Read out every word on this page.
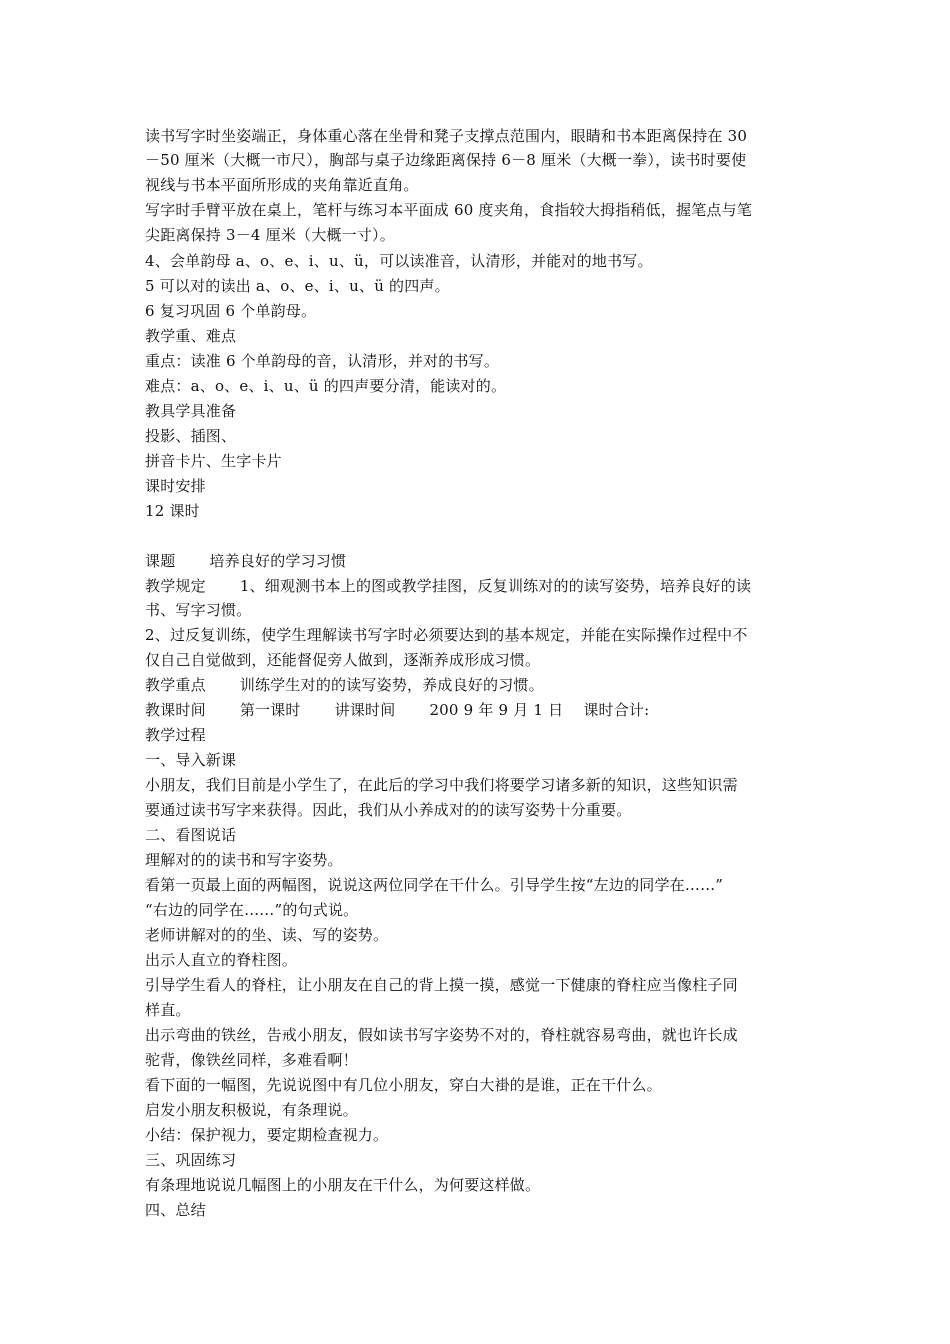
读书写字时坐姿端正，身体重心落在坐骨和凳子支撑点范围内，眼睛和书本距离保持在 30
－50 厘米（大概一市尺），胸部与桌子边缘距离保持 6－8 厘米（大概一拳），读书时要使
视线与书本平面所形成的夹角靠近直角。
写字时手臂平放在桌上，笔杆与练习本平面成 60 度夹角，食指较大拇指稍低，握笔点与笔
尖距离保持 3－4 厘米（大概一寸）。
4、会单韵母 a、o、e、i、u、ü，可以读准音，认清形，并能对的地书写。
5 可以对的读出 a、o、e、i、u、ü 的四声。
6 复习巩固 6 个单韵母。
教学重、难点
重点：读准 6 个单韵母的音，认清形，并对的书写。
难点：a、o、e、i、u、ü 的四声要分清，能读对的。
教具学具准备
投影、插图、
拼音卡片、生字卡片
课时安排
12 课时
课题 培养良好的学习习惯
教学规定 1、细观测书本上的图或教学挂图，反复训练对的的读写姿势，培养良好的读
书、写字习惯。
2、过反复训练，使学生理解读书写字时必须要达到的基本规定，并能在实际操作过程中不
仅自己自觉做到，还能督促旁人做到，逐渐养成形成习惯。
教学重点 训练学生对的的读写姿势，养成良好的习惯。
教课时间 第一课时 讲课时间 200 9 年 9 月 1 日 课时合计:
教学过程
一、导入新课
小朋友，我们目前是小学生了，在此后的学习中我们将要学习诸多新的知识，这些知识需
要通过读书写字来获得。因此，我们从小养成对的的读写姿势十分重要。
二、看图说话
理解对的的读书和写字姿势。
看第一页最上面的两幅图，说说这两位同学在干什么。引导学生按“左边的同学在……”
“右边的同学在……”的句式说。
老师讲解对的的坐、读、写的姿势。
出示人直立的脊柱图。
引导学生看人的脊柱，让小朋友在自己的背上摸一摸，感觉一下健康的脊柱应当像柱子同
样直。
出示弯曲的铁丝，告戒小朋友，假如读书写字姿势不对的，脊柱就容易弯曲，就也许长成
驼背，像铁丝同样，多难看啊！
看下面的一幅图，先说说图中有几位小朋友，穿白大褂的是谁，正在干什么。
启发小朋友积极说，有条理说。
小结：保护视力，要定期检查视力。
三、巩固练习
有条理地说说几幅图上的小朋友在干什么，为何要这样做。
四、总结
